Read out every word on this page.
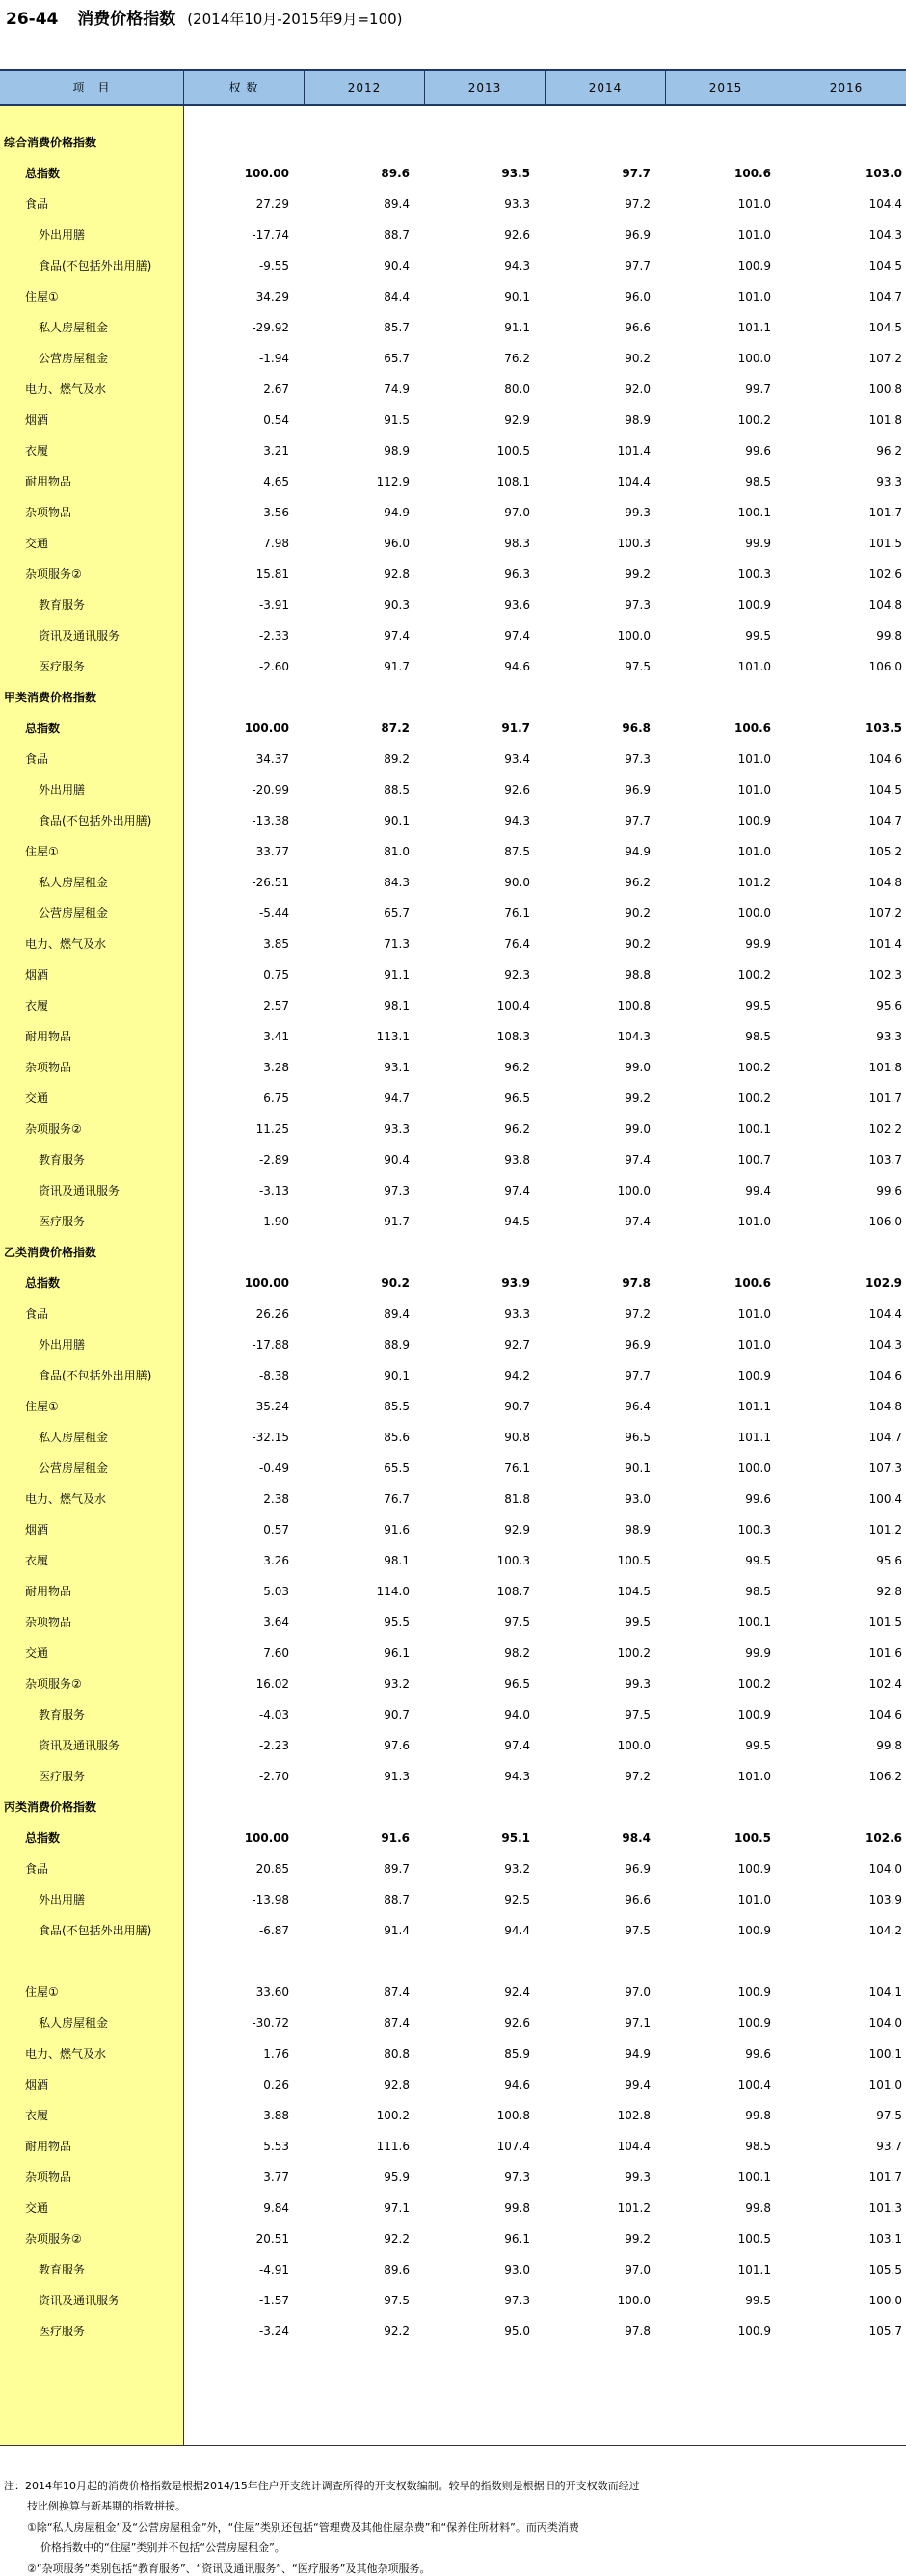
26-44 消费价格指数 (2014年10月-2015年9月=100)
项　目	权 数	2012	2013	2014	2015	2016
综合消费价格指数
总指数	100.00	89.6	93.5	97.7	100.6	103.0
食品	27.29	89.4	93.3	97.2	101.0	104.4
外出用膳	-17.74	88.7	92.6	96.9	101.0	104.3
食品(不包括外出用膳)	-9.55	90.4	94.3	97.7	100.9	104.5
住屋①	34.29	84.4	90.1	96.0	101.0	104.7
私人房屋租金	-29.92	85.7	91.1	96.6	101.1	104.5
公营房屋租金	-1.94	65.7	76.2	90.2	100.0	107.2
电力、燃气及水	2.67	74.9	80.0	92.0	99.7	100.8
烟酒	0.54	91.5	92.9	98.9	100.2	101.8
衣履	3.21	98.9	100.5	101.4	99.6	96.2
耐用物品	4.65	112.9	108.1	104.4	98.5	93.3
杂项物品	3.56	94.9	97.0	99.3	100.1	101.7
交通	7.98	96.0	98.3	100.3	99.9	101.5
杂项服务②	15.81	92.8	96.3	99.2	100.3	102.6
教育服务	-3.91	90.3	93.6	97.3	100.9	104.8
资讯及通讯服务	-2.33	97.4	97.4	100.0	99.5	99.8
医疗服务	-2.60	91.7	94.6	97.5	101.0	106.0
甲类消费价格指数
总指数	100.00	87.2	91.7	96.8	100.6	103.5
食品	34.37	89.2	93.4	97.3	101.0	104.6
外出用膳	-20.99	88.5	92.6	96.9	101.0	104.5
食品(不包括外出用膳)	-13.38	90.1	94.3	97.7	100.9	104.7
住屋①	33.77	81.0	87.5	94.9	101.0	105.2
私人房屋租金	-26.51	84.3	90.0	96.2	101.2	104.8
公营房屋租金	-5.44	65.7	76.1	90.2	100.0	107.2
电力、燃气及水	3.85	71.3	76.4	90.2	99.9	101.4
烟酒	0.75	91.1	92.3	98.8	100.2	102.3
衣履	2.57	98.1	100.4	100.8	99.5	95.6
耐用物品	3.41	113.1	108.3	104.3	98.5	93.3
杂项物品	3.28	93.1	96.2	99.0	100.2	101.8
交通	6.75	94.7	96.5	99.2	100.2	101.7
杂项服务②	11.25	93.3	96.2	99.0	100.1	102.2
教育服务	-2.89	90.4	93.8	97.4	100.7	103.7
资讯及通讯服务	-3.13	97.3	97.4	100.0	99.4	99.6
医疗服务	-1.90	91.7	94.5	97.4	101.0	106.0
乙类消费价格指数
总指数	100.00	90.2	93.9	97.8	100.6	102.9
食品	26.26	89.4	93.3	97.2	101.0	104.4
外出用膳	-17.88	88.9	92.7	96.9	101.0	104.3
食品(不包括外出用膳)	-8.38	90.1	94.2	97.7	100.9	104.6
住屋①	35.24	85.5	90.7	96.4	101.1	104.8
私人房屋租金	-32.15	85.6	90.8	96.5	101.1	104.7
公营房屋租金	-0.49	65.5	76.1	90.1	100.0	107.3
电力、燃气及水	2.38	76.7	81.8	93.0	99.6	100.4
烟酒	0.57	91.6	92.9	98.9	100.3	101.2
衣履	3.26	98.1	100.3	100.5	99.5	95.6
耐用物品	5.03	114.0	108.7	104.5	98.5	92.8
杂项物品	3.64	95.5	97.5	99.5	100.1	101.5
交通	7.60	96.1	98.2	100.2	99.9	101.6
杂项服务②	16.02	93.2	96.5	99.3	100.2	102.4
教育服务	-4.03	90.7	94.0	97.5	100.9	104.6
资讯及通讯服务	-2.23	97.6	97.4	100.0	99.5	99.8
医疗服务	-2.70	91.3	94.3	97.2	101.0	106.2
丙类消费价格指数
总指数	100.00	91.6	95.1	98.4	100.5	102.6
食品	20.85	89.7	93.2	96.9	100.9	104.0
外出用膳	-13.98	88.7	92.5	96.6	101.0	103.9
食品(不包括外出用膳)	-6.87	91.4	94.4	97.5	100.9	104.2
住屋①	33.60	87.4	92.4	97.0	100.9	104.1
私人房屋租金	-30.72	87.4	92.6	97.1	100.9	104.0
电力、燃气及水	1.76	80.8	85.9	94.9	99.6	100.1
烟酒	0.26	92.8	94.6	99.4	100.4	101.0
衣履	3.88	100.2	100.8	102.8	99.8	97.5
耐用物品	5.53	111.6	107.4	104.4	98.5	93.7
杂项物品	3.77	95.9	97.3	99.3	100.1	101.7
交通	9.84	97.1	99.8	101.2	99.8	101.3
杂项服务②	20.51	92.2	96.1	99.2	100.5	103.1
教育服务	-4.91	89.6	93.0	97.0	101.1	105.5
资讯及通讯服务	-1.57	97.5	97.3	100.0	99.5	100.0
医疗服务	-3.24	92.2	95.0	97.8	100.9	105.7
注：2014年10月起的消费价格指数是根据2014/15年住户开支统计调查所得的开支权数编制。较早的指数则是根据旧的开支权数而经过
技比例换算与新基期的指数拼接。
①除“私人房屋租金”及“公营房屋租金”外，“住屋”类别还包括“管理费及其他住屋杂费”和“保养住所材料”。而丙类消费
价格指数中的“住屋”类别并不包括“公营房屋租金”。
②“杂项服务”类别包括“教育服务”、“资讯及通讯服务”、“医疗服务”及其他杂项服务。
